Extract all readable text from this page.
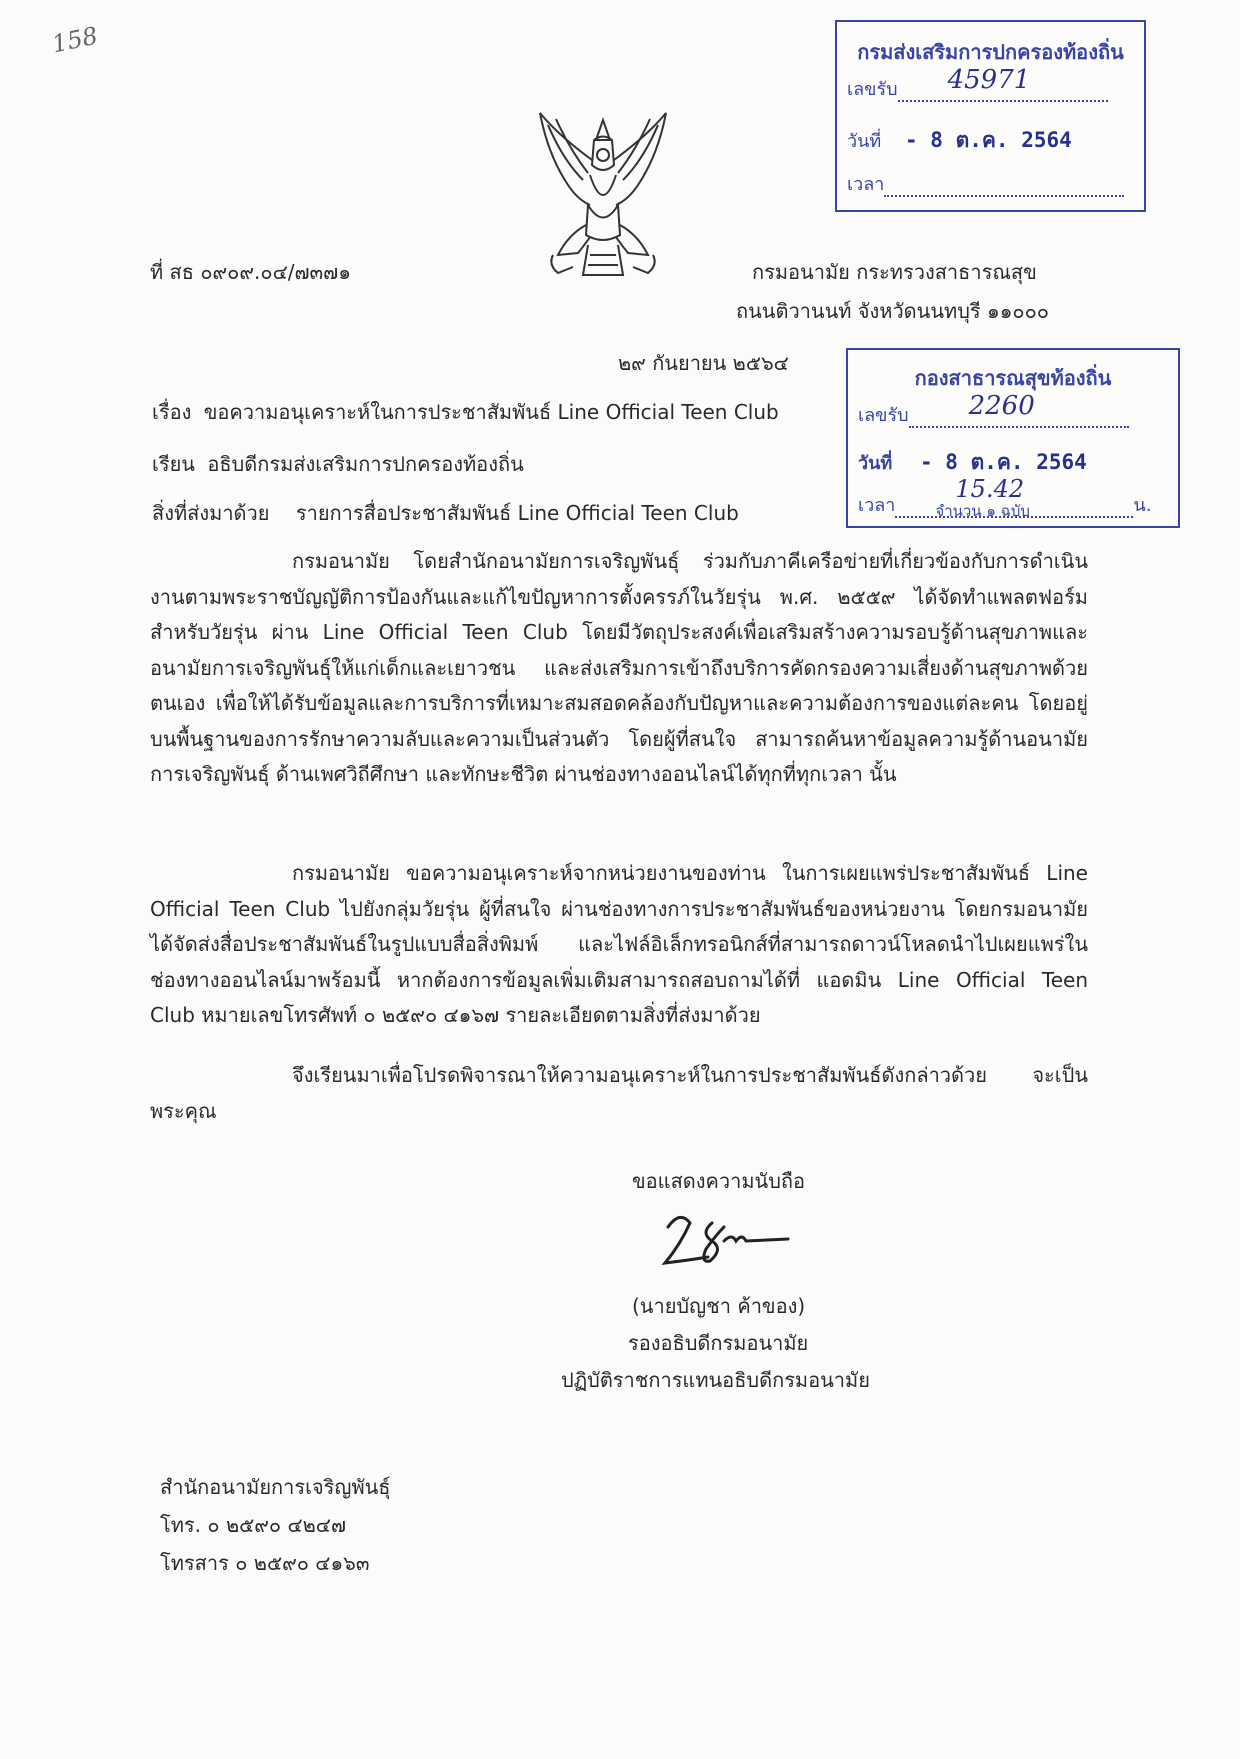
158	กรมส่งเสริมการปกครองท้องถิ่น
เลขรับ 45971

วันที่ - 8 ต.ค. 2564
เวลา
กองสาธารณสุขท้องถิ่น
เลขรับ 2260

วันที่ - 8 ต.ค. 2564
เวลา
15.42
จำนวน ๑ ฉบับ	น.
ที่ สธ ๐๙๐๙.๐๔/๗๓๗๑	กรมอนามัย กระทรวงสาธารณสุข
ถนนติวานนท์ จังหวัดนนทบุรี ๑๑๐๐๐
๒๙ กันยายน ๒๕๖๔
เรื่อง ขอความอนุเคราะห์ในการประชาสัมพันธ์ Line Official Teen Club
เรียน อธิบดีกรมส่งเสริมการปกครองท้องถิ่น
สิ่งที่ส่งมาด้วย รายการสื่อประชาสัมพันธ์ Line Official Teen Club
กรมอนามัย โดยสำนักอนามัยการเจริญพันธุ์ ร่วมกับภาคีเครือข่ายที่เกี่ยวข้องกับการดำเนินงานตามพระราชบัญญัติการป้องกันและแก้ไขปัญหาการตั้งครรภ์ในวัยรุ่น พ.ศ. ๒๕๕๙ ได้จัดทำแพลตฟอร์มสำหรับวัยรุ่น ผ่าน Line Official Teen Club โดยมีวัตถุประสงค์เพื่อเสริมสร้างความรอบรู้ด้านสุขภาพและอนามัยการเจริญพันธุ์ให้แก่เด็กและเยาวชน และส่งเสริมการเข้าถึงบริการคัดกรองความเสี่ยงด้านสุขภาพด้วยตนเอง เพื่อให้ได้รับข้อมูลและการบริการที่เหมาะสมสอดคล้องกับปัญหาและความต้องการของแต่ละคน โดยอยู่บนพื้นฐานของการรักษาความลับและความเป็นส่วนตัว โดยผู้ที่สนใจ สามารถค้นหาข้อมูลความรู้ด้านอนามัยการเจริญพันธุ์ ด้านเพศวิถีศึกษา และทักษะชีวิต ผ่านช่องทางออนไลน์ได้ทุกที่ทุกเวลา นั้น
กรมอนามัย ขอความอนุเคราะห์จากหน่วยงานของท่าน ในการเผยแพร่ประชาสัมพันธ์ Line Official Teen Club ไปยังกลุ่มวัยรุ่น ผู้ที่สนใจ ผ่านช่องทางการประชาสัมพันธ์ของหน่วยงาน โดยกรมอนามัยได้จัดส่งสื่อประชาสัมพันธ์ในรูปแบบสื่อสิ่งพิมพ์ และไฟล์อิเล็กทรอนิกส์ที่สามารถดาวน์โหลดนำไปเผยแพร่ในช่องทางออนไลน์มาพร้อมนี้ หากต้องการข้อมูลเพิ่มเติมสามารถสอบถามได้ที่ แอดมิน Line Official Teen Club หมายเลขโทรศัพท์ ๐ ๒๕๙๐ ๔๑๖๗ รายละเอียดตามสิ่งที่ส่งมาด้วย
จึงเรียนมาเพื่อโปรดพิจารณาให้ความอนุเคราะห์ในการประชาสัมพันธ์ดังกล่าวด้วย จะเป็นพระคุณ
ขอแสดงความนับถือ
(นายบัญชา ค้าของ)
รองอธิบดีกรมอนามัย
ปฏิบัติราชการแทนอธิบดีกรมอนามัย
สำนักอนามัยการเจริญพันธุ์
โทร. ๐ ๒๕๙๐ ๔๒๔๗
โทรสาร ๐ ๒๕๙๐ ๔๑๖๓
